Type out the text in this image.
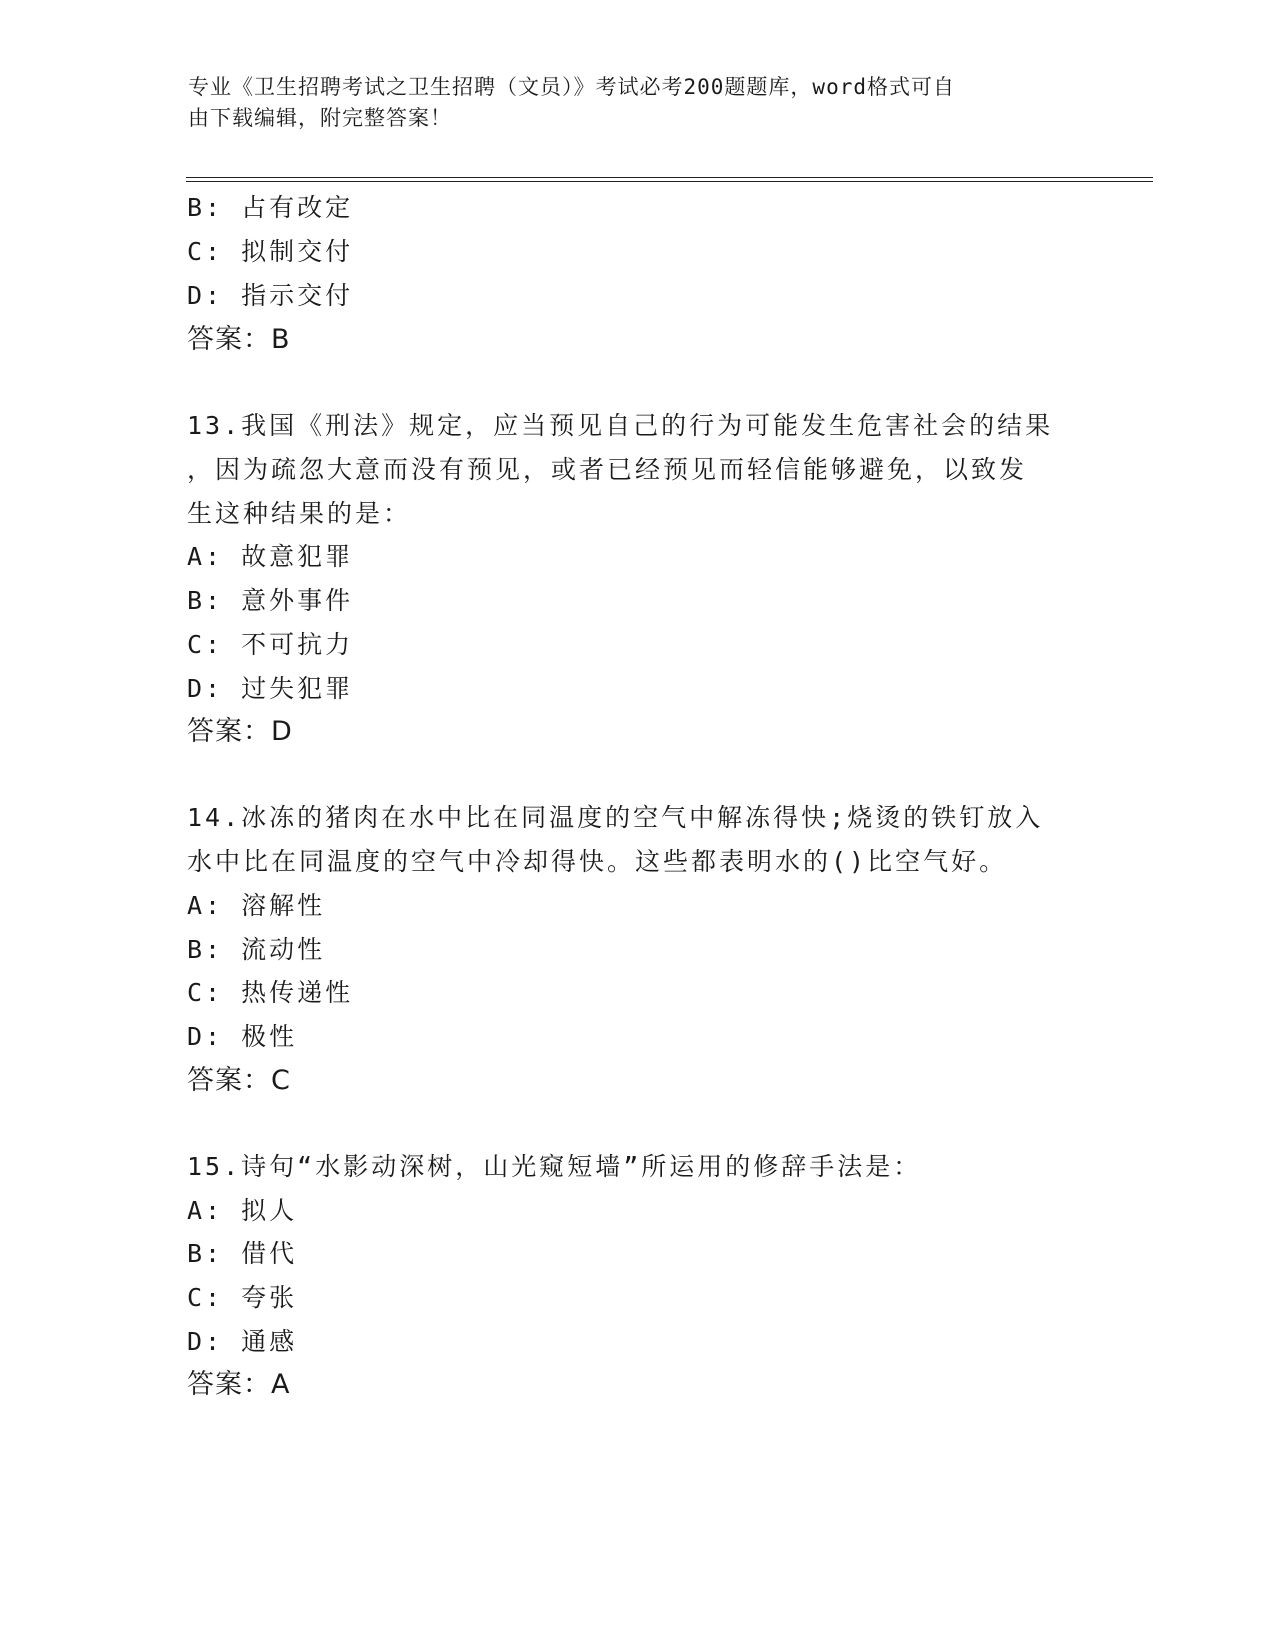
专业《卫生招聘考试之卫生招聘（文员）》考试必考200题题库，word格式可自
由下载编辑，附完整答案！
B: 占有改定
C: 拟制交付
D: 指示交付
答案：B
13.我国《刑法》规定，应当预见自己的行为可能发生危害社会的结果
，因为疏忽大意而没有预见，或者已经预见而轻信能够避免，以致发
生这种结果的是：
A: 故意犯罪
B: 意外事件
C: 不可抗力
D: 过失犯罪
答案：D
14.冰冻的猪肉在水中比在同温度的空气中解冻得快;烧烫的铁钉放入
水中比在同温度的空气中冷却得快。这些都表明水的()比空气好。
A: 溶解性
B: 流动性
C: 热传递性
D: 极性
答案：C
15.诗句“水影动深树，山光窥短墙”所运用的修辞手法是：
A: 拟人
B: 借代
C: 夸张
D: 通感
答案：A
